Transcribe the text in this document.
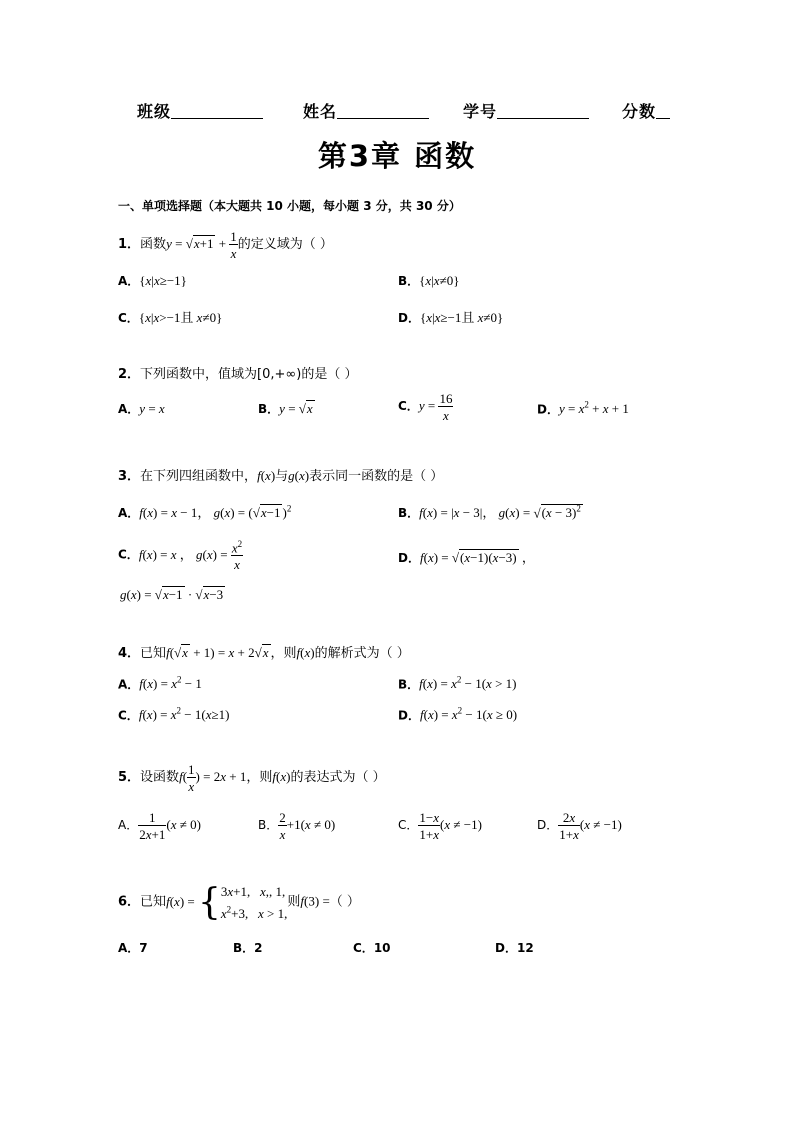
班级	姓名	学号	分数
第3章 函数
一、单项选择题（本大题共 10 小题，每小题 3 分，共 30 分）
1．函数$y = √x+1 + \frac{1}{x}$ 的定义域为（ ）
A．{x|x≥−1}	B．{x|x≠0}
C．{x|x>−1且 x≠0}	D．{x|x≥−1且 x≠0}
2．下列函数中，值域为[0,+∞)的是（ ）
A．y = x	B．y = √x	C．$y = \frac{16}{x}$	D．$y = x^2 + x + 1$
3．在下列四组函数中，f(x)与g(x)表示同一函数的是（ ）
A．f(x) = x − 1， g(x) = (√x−1 )$^2$	B．f(x) = |x − 3|， $g(x) = √(x - 3)^2$
C．f(x) = x ， $g(x) = \frac{x^2}{x}$	D．f(x) = √(x−1)(x−3) ，
g(x) = √x−1 · √x−3
4．已知f(√x + 1) = x + 2√x ，则f(x)的解析式为（ ）
A．$f(x) = x^2 - 1$	B．$f(x) = x^2 - 1(x > 1)$
C．$f(x) = x^2 - 1(x\ge 1)$	D．$f(x) = x^2 - 1(x \ge 0)$
5．设函数$f( \frac{1}{x}$ ) = 2x + 1，则f(x)的表达式为（ ）
A． $\frac{1}{2x+1} (x \ne 0)$	B． $\frac{2}{x} +1(x \ne 0)$	C． $\frac{1-x}{1+x} (x \ne -1)$	D． $\frac{2x}{1+x} (x \ne -1)$
6．已知f(x) = {3x+1,   x,, 1,
$x^2+3$,   x > 1,则f(3) =（ ）
A．7	B．2	C．10	D．12
